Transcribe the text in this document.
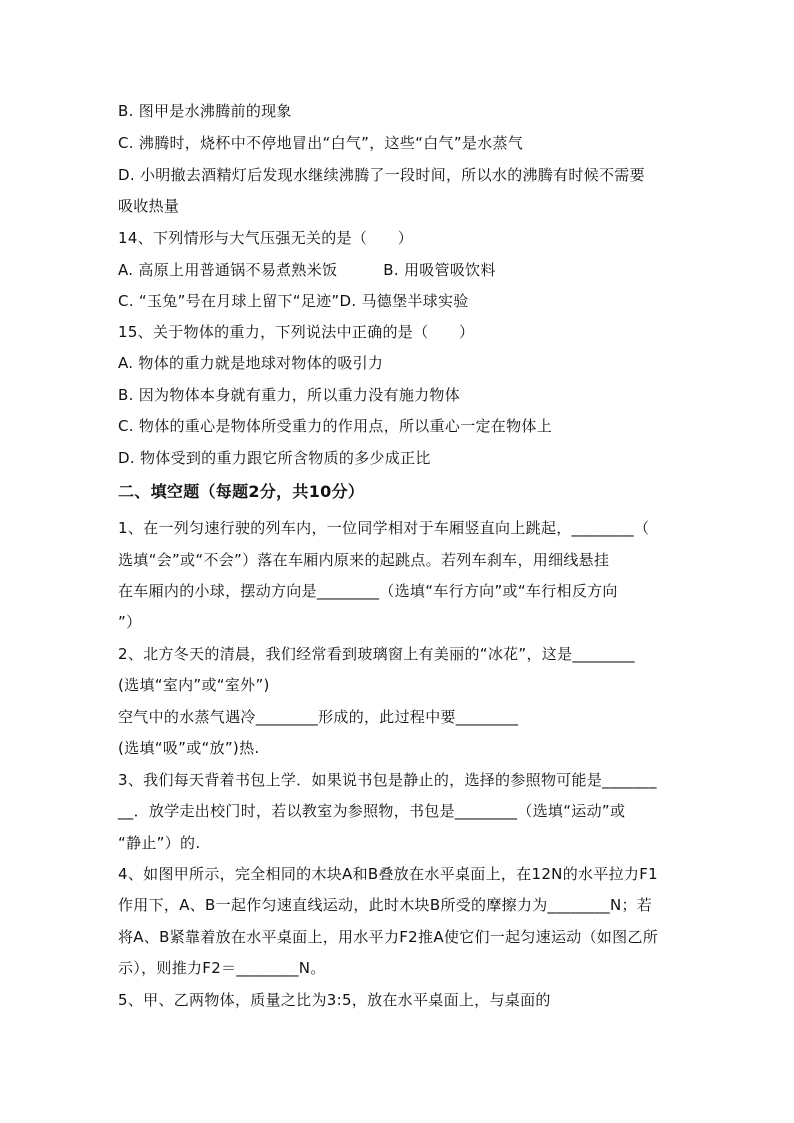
B. 图甲是水沸腾前的现象
C. 沸腾时，烧杯中不停地冒出“白气”，这些“白气”是水蒸气
D. 小明撤去酒精灯后发现水继续沸腾了一段时间，所以水的沸腾有时候不需要
吸收热量
14、下列情形与大气压强无关的是（　　）
A. 高原上用普通锅不易煮熟米饭　　　B. 用吸管吸饮料
C. “玉兔”号在月球上留下“足迹”D. 马德堡半球实验
15、关于物体的重力，下列说法中正确的是（　　）
A. 物体的重力就是地球对物体的吸引力
B. 因为物体本身就有重力，所以重力没有施力物体
C. 物体的重心是物体所受重力的作用点，所以重心一定在物体上
D. 物体受到的重力跟它所含物质的多少成正比
二、填空题（每题2分，共10分）
1、在一列匀速行驶的列车内，一位同学相对于车厢竖直向上跳起，________（
选填“会”或“不会”）落在车厢内原来的起跳点。若列车刹车，用细线悬挂
在车厢内的小球，摆动方向是________（选填“车行方向”或“车行相反方向
”）
2、北方冬天的清晨，我们经常看到玻璃窗上有美丽的“冰花”，这是________
(选填“室内”或“室外”)
空气中的水蒸气遇冷________形成的，此过程中要________
(选填“吸”或“放”)热.
3、我们每天背着书包上学．如果说书包是静止的，选择的参照物可能是_______
__．放学走出校门时，若以教室为参照物，书包是________（选填“运动”或
“静止”）的.
4、如图甲所示，完全相同的木块A和B叠放在水平桌面上，在12N的水平拉力F1
作用下，A、B一起作匀速直线运动，此时木块B所受的摩擦力为________N；若
将A、B紧靠着放在水平桌面上，用水平力F2推A使它们一起匀速运动（如图乙所
示），则推力F2＝________N。
5、甲、乙两物体，质量之比为3:5，放在水平桌面上，与桌面的
